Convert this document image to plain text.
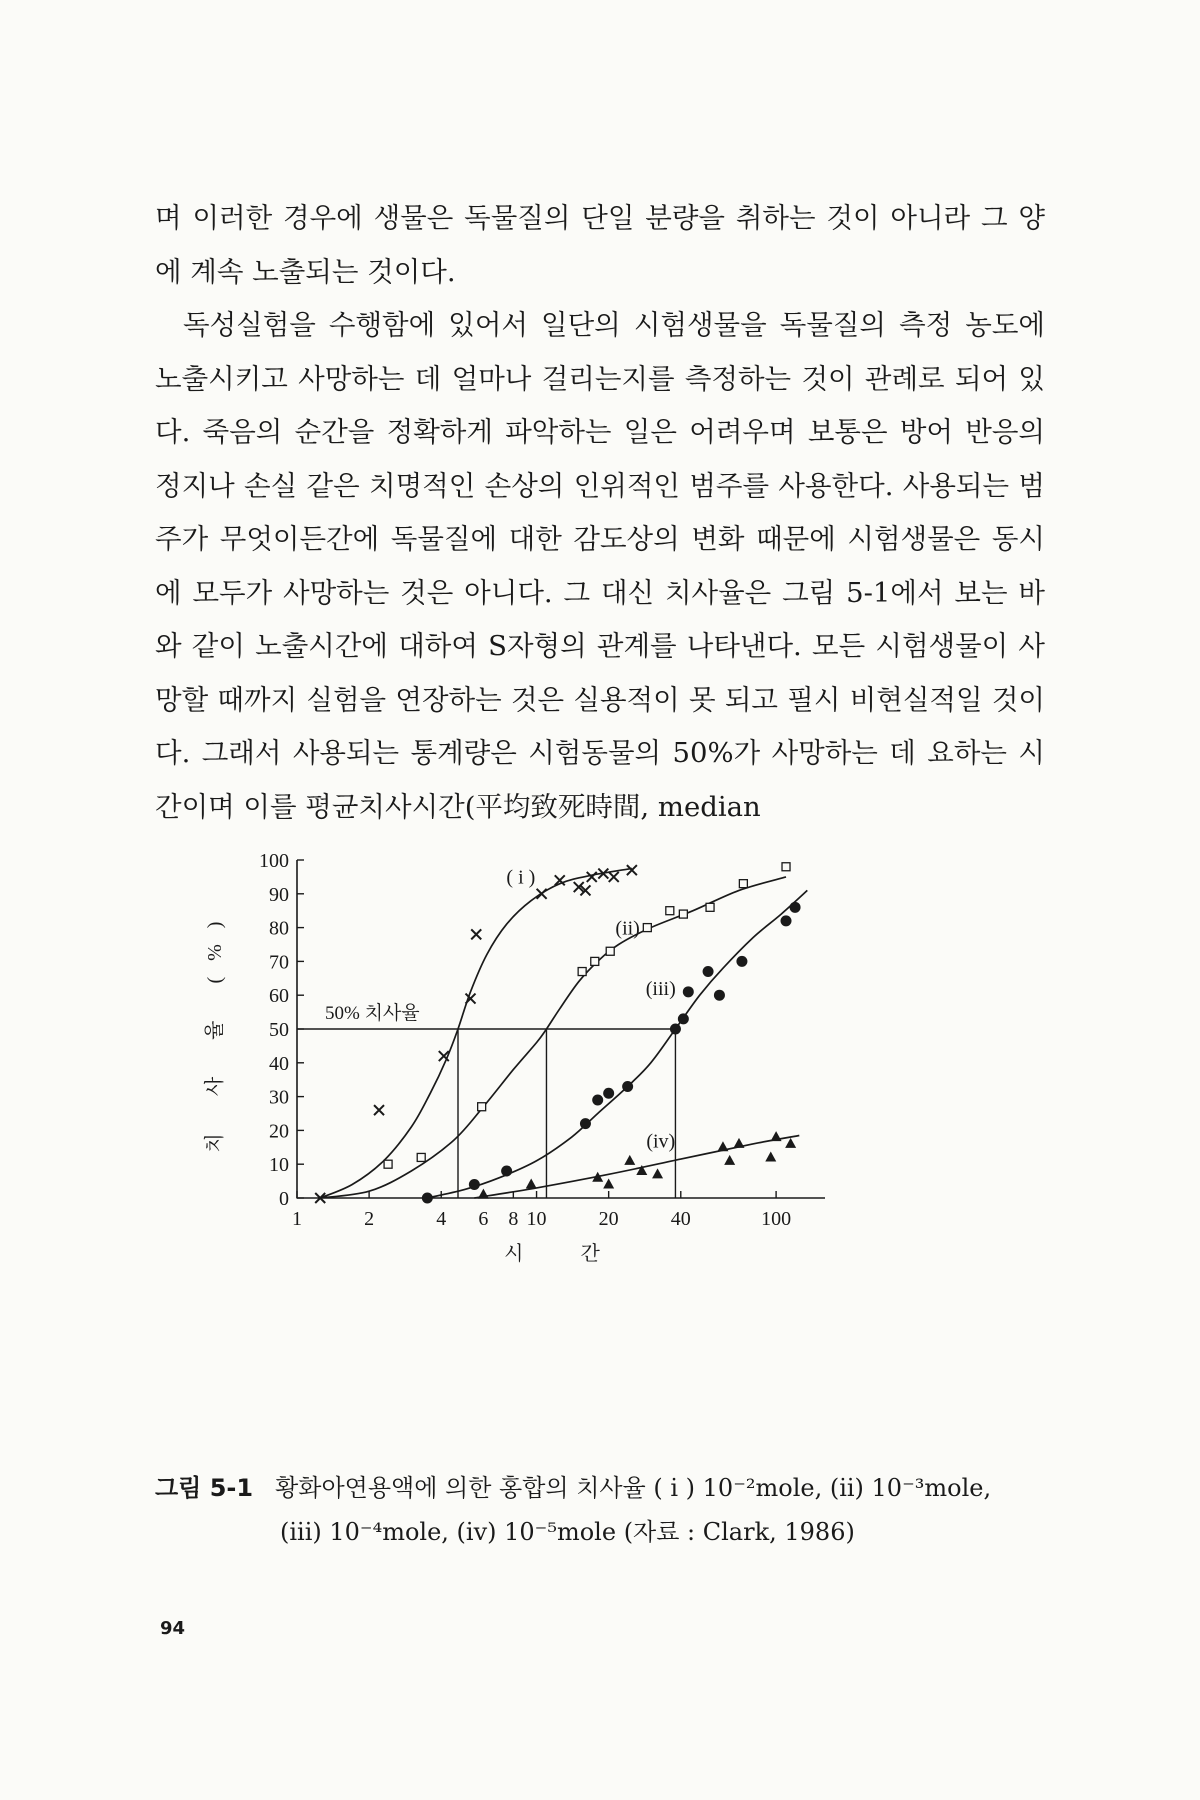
며 이러한 경우에 생물은 독물질의 단일 분량을 취하는 것이 아니라 그 양에 계속 노출되는 것이다.

독성실험을 수행함에 있어서 일단의 시험생물을 독물질의 측정 농도에 노출시키고 사망하는 데 얼마나 걸리는지를 측정하는 것이 관례로 되어 있다. 죽음의 순간을 정확하게 파악하는 일은 어려우며 보통은 방어 반응의 정지나 손실 같은 치명적인 손상의 인위적인 범주를 사용한다. 사용되는 범주가 무엇이든간에 독물질에 대한 감도상의 변화 때문에 시험생물은 동시에 모두가 사망하는 것은 아니다. 그 대신 치사율은 그림 5-1에서 보는 바와 같이 노출시간에 대하여 S자형의 관계를 나타낸다. 모든 시험생물이 사망할 때까지 실험을 연장하는 것은 실용적이 못 되고 필시 비현실적일 것이다. 그래서 사용되는 통계량은 시험동물의 50%가 사망하는 데 요하는 시간이며 이를 평균치사시간(平均致死時間, median

0
10
20
30
40
50
60
70
80
90
100
1	2	4 6 8 10	20	40	100
시 간
치 사 율 (%)	50% 치사율
( i )
(ii)
(iii)
(iv)
그림 5-1 황화아연용액에 의한 홍합의 치사율 ( i ) 10⁻²mole, (ii) 10⁻³mole,
(iii) 10⁻⁴mole, (iv) 10⁻⁵mole (자료 : Clark, 1986)
94
